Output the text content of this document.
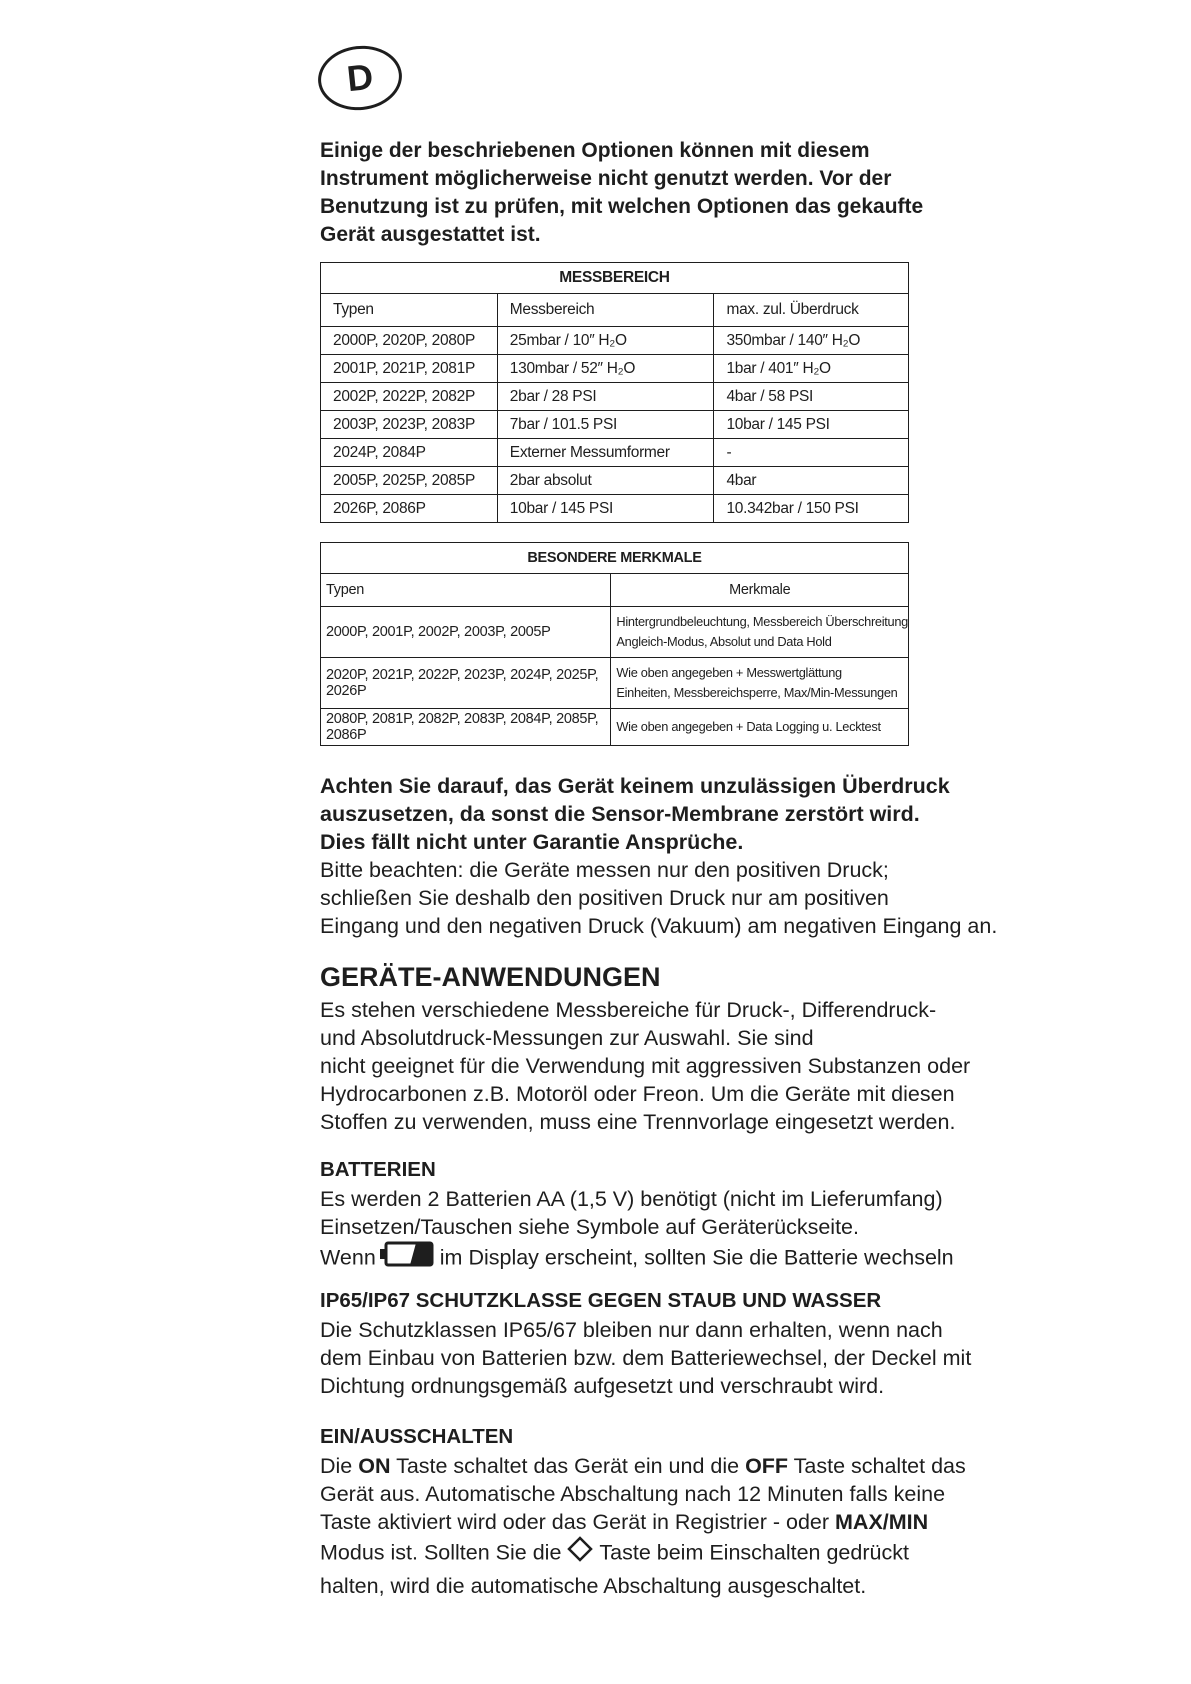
D
Einige der beschriebenen Optionen können mit diesem
Instrument möglicherweise nicht genutzt werden. Vor der
Benutzung ist zu prüfen, mit welchen Optionen das gekaufte
Gerät ausgestattet ist.
MESSBEREICH		
Typen	Messbereich	max. zul. Überdruck
2000P, 2020P, 2080P	25mbar / 10″ H₂O	350mbar / 140″ H₂O
2001P, 2021P, 2081P	130mbar / 52″ H₂O	1bar / 401″ H₂O
2002P, 2022P, 2082P	2bar / 28 PSI	4bar / 58 PSI
2003P, 2023P, 2083P	7bar / 101.5 PSI	10bar / 145 PSI
2024P, 2084P	Externer Messumformer	-
2005P, 2025P, 2085P	2bar absolut	4bar
2026P, 2086P	10bar / 145 PSI	10.342bar / 150 PSI
BESONDERE MERKMALE	
Typen	Merkmale
2000P, 2001P, 2002P, 2003P, 2005P	Hintergrundbeleuchtung, Messbereich Überschreitung
Angleich-Modus, Absolut und Data Hold

2020P, 2021P, 2022P, 2023P, 2024P, 2025P, 2026P	Wie oben angegeben + Messwertglättung
Einheiten, Messbereichsperre, Max/Min-Messungen

2080P, 2081P, 2082P, 2083P, 2084P, 2085P, 2086P	Wie oben angegeben + Data Logging u. Lecktest
Achten Sie darauf, das Gerät keinem unzulässigen Überdruck
auszusetzen, da sonst die Sensor-Membrane zerstört wird.
Dies fällt nicht unter Garantie Ansprüche.
Bitte beachten: die Geräte messen nur den positiven Druck;
schließen Sie deshalb den positiven Druck nur am positiven
Eingang und den negativen Druck (Vakuum) am negativen Eingang an.
GERÄTE-ANWENDUNGEN
Es stehen verschiedene Messbereiche für Druck-, Differendruck-
und Absolutdruck-Messungen zur Auswahl. Sie sind
nicht geeignet für die Verwendung mit aggressiven Substanzen oder
Hydrocarbonen z.B. Motoröl oder Freon. Um die Geräte mit diesen
Stoffen zu verwenden, muss eine Trennvorlage eingesetzt werden.
BATTERIEN
Es werden 2 Batterien AA (1,5 V) benötigt (nicht im Lieferumfang)
Einsetzen/Tauschen siehe Symbole auf Geräterückseite.
Wenn	im Display erscheint, sollten Sie die Batterie wechseln
IP65/IP67 SCHUTZKLASSE GEGEN STAUB UND WASSER
Die Schutzklassen IP65/67 bleiben nur dann erhalten, wenn nach
dem Einbau von Batterien bzw. dem Batteriewechsel, der Deckel mit
Dichtung ordnungsgemäß aufgesetzt und verschraubt wird.
EIN/AUSSCHALTEN
Die ON Taste schaltet das Gerät ein und die OFF Taste schaltet das
Gerät aus. Automatische Abschaltung nach 12 Minuten falls keine
Taste aktiviert wird oder das Gerät in Registrier - oder MAX/MIN
Modus ist. Sollten Sie die Taste beim Einschalten gedrückt
halten, wird die automatische Abschaltung ausgeschaltet.
